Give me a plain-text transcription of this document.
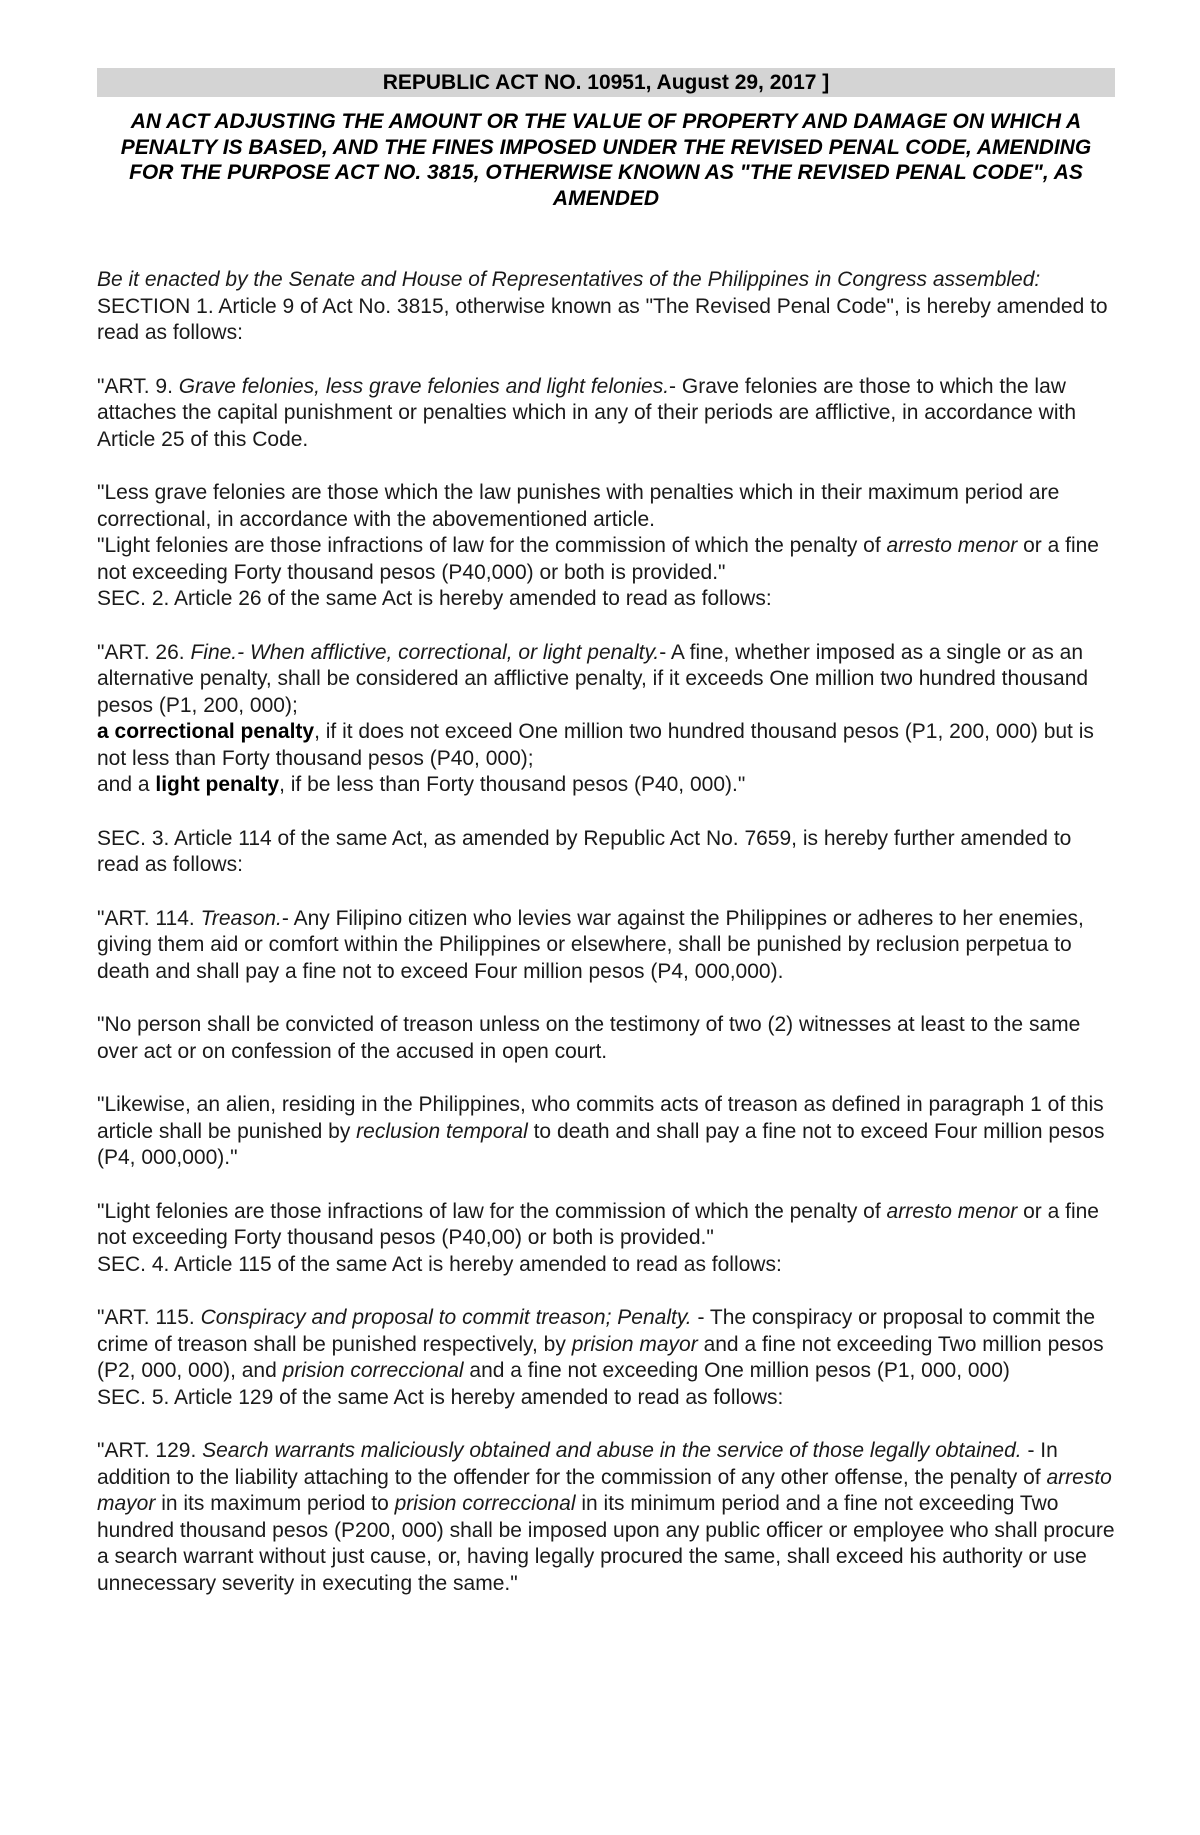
REPUBLIC ACT NO. 10951, August 29, 2017 ]
AN ACT ADJUSTING THE AMOUNT OR THE VALUE OF PROPERTY AND DAMAGE ON WHICH A PENALTY IS BASED, AND THE FINES IMPOSED UNDER THE REVISED PENAL CODE, AMENDING FOR THE PURPOSE ACT NO. 3815, OTHERWISE KNOWN AS "THE REVISED PENAL CODE", AS AMENDED

Be it enacted by the Senate and House of Representatives of the Philippines in Congress assembled:

SECTION 1. Article 9 of Act No. 3815, otherwise known as "The Revised Penal Code", is hereby amended to read as follows:

"ART. 9. Grave felonies, less grave felonies and light felonies.- Grave felonies are those to which the law attaches the capital punishment or penalties which in any of their periods are afflictive, in accordance with Article 25 of this Code.

"Less grave felonies are those which the law punishes with penalties which in their maximum period are correctional, in accordance with the abovementioned article.

"Light felonies are those infractions of law for the commission of which the penalty of arresto menor or a fine not exceeding Forty thousand pesos (P40,000) or both is provided."

SEC. 2. Article 26 of the same Act is hereby amended to read as follows:

"ART. 26. Fine.- When afflictive, correctional, or light penalty.- A fine, whether imposed as a single or as an alternative penalty, shall be considered an afflictive penalty, if it exceeds One million two hundred thousand pesos (P1, 200, 000);

a correctional penalty, if it does not exceed One million two hundred thousand pesos (P1, 200, 000) but is not less than Forty thousand pesos (P40, 000);

and a light penalty, if be less than Forty thousand pesos (P40, 000)."

SEC. 3. Article 114 of the same Act, as amended by Republic Act No. 7659, is hereby further amended to read as follows:

"ART. 114. Treason.- Any Filipino citizen who levies war against the Philippines or adheres to her enemies, giving them aid or comfort within the Philippines or elsewhere, shall be punished by reclusion perpetua to death and shall pay a fine not to exceed Four million pesos (P4, 000,000).

"No person shall be convicted of treason unless on the testimony of two (2) witnesses at least to the same over act or on confession of the accused in open court.

"Likewise, an alien, residing in the Philippines, who commits acts of treason as defined in paragraph 1 of this article shall be punished by reclusion temporal to death and shall pay a fine not to exceed Four million pesos (P4, 000,000)."

"Light felonies are those infractions of law for the commission of which the penalty of arresto menor or a fine not exceeding Forty thousand pesos (P40,00) or both is provided."

SEC. 4. Article 115 of the same Act is hereby amended to read as follows:

"ART. 115. Conspiracy and proposal to commit treason; Penalty. - The conspiracy or proposal to commit the crime of treason shall be punished respectively, by prision mayor and a fine not exceeding Two million pesos (P2, 000, 000), and prision correccional and a fine not exceeding One million pesos (P1, 000, 000)

SEC. 5. Article 129 of the same Act is hereby amended to read as follows:

"ART. 129. Search warrants maliciously obtained and abuse in the service of those legally obtained. - In addition to the liability attaching to the offender for the commission of any other offense, the penalty of arresto mayor in its maximum period to prision correccional in its minimum period and a fine not exceeding Two hundred thousand pesos (P200, 000) shall be imposed upon any public officer or employee who shall procure a search warrant without just cause, or, having legally procured the same, shall exceed his authority or use unnecessary severity in executing the same."
